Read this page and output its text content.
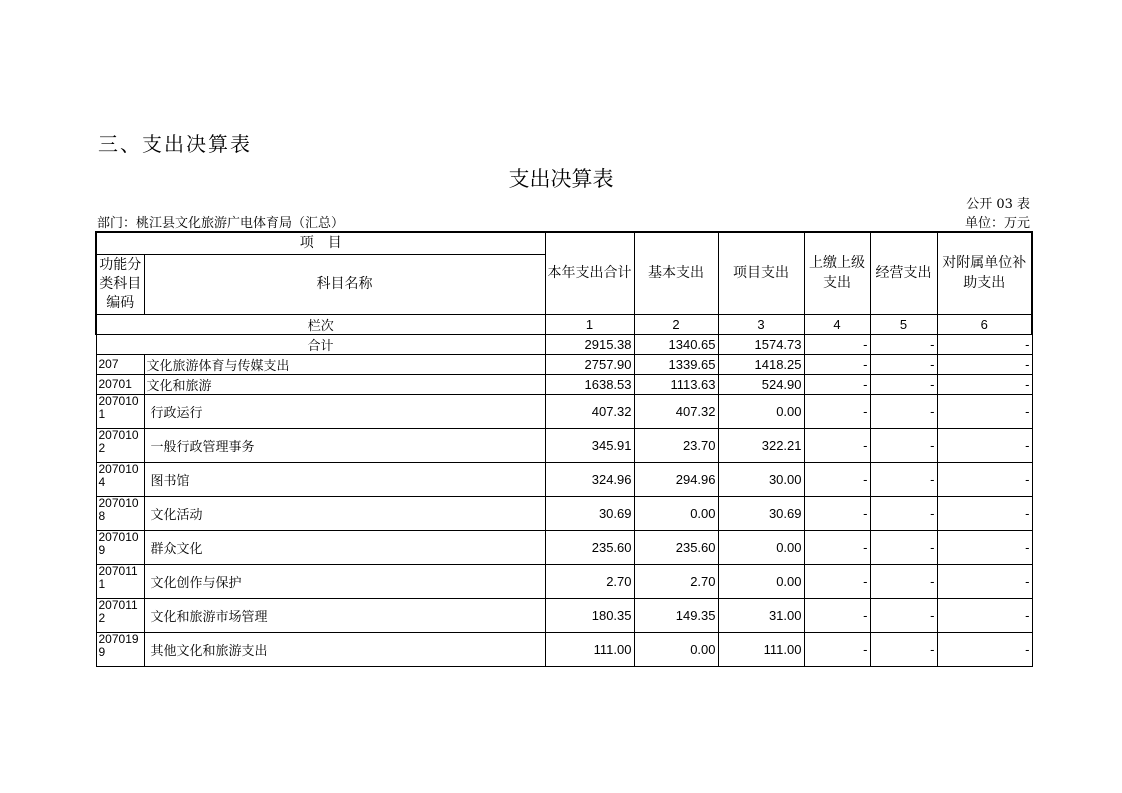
三、支出决算表
支出决算表
公开 03 表
部门：桃江县文化旅游广电体育局（汇总）	单位：万元
项　目		本年支出合计	基本支出	项目支出	上缴上级支出	经营支出	对附属单位补助支出
功能分类科目编码	科目名称						
栏次		1	2	3	4	5	6
合计		2915.38	1340.65	1574.73	-	-	-
207	文化旅游体育与传媒支出	2757.90	1339.65	1418.25	-	-	-
20701	文化和旅游	1638.53	1113.63	524.90	-	-	-
2070101	行政运行	407.32	407.32	0.00	-	-	-
2070102	一般行政管理事务	345.91	23.70	322.21	-	-	-
2070104	图书馆	324.96	294.96	30.00	-	-	-
2070108	文化活动	30.69	0.00	30.69	-	-	-
2070109	群众文化	235.60	235.60	0.00	-	-	-
2070111	文化创作与保护	2.70	2.70	0.00	-	-	-
2070112	文化和旅游市场管理	180.35	149.35	31.00	-	-	-
2070199	其他文化和旅游支出	111.00	0.00	111.00	-	-	-
